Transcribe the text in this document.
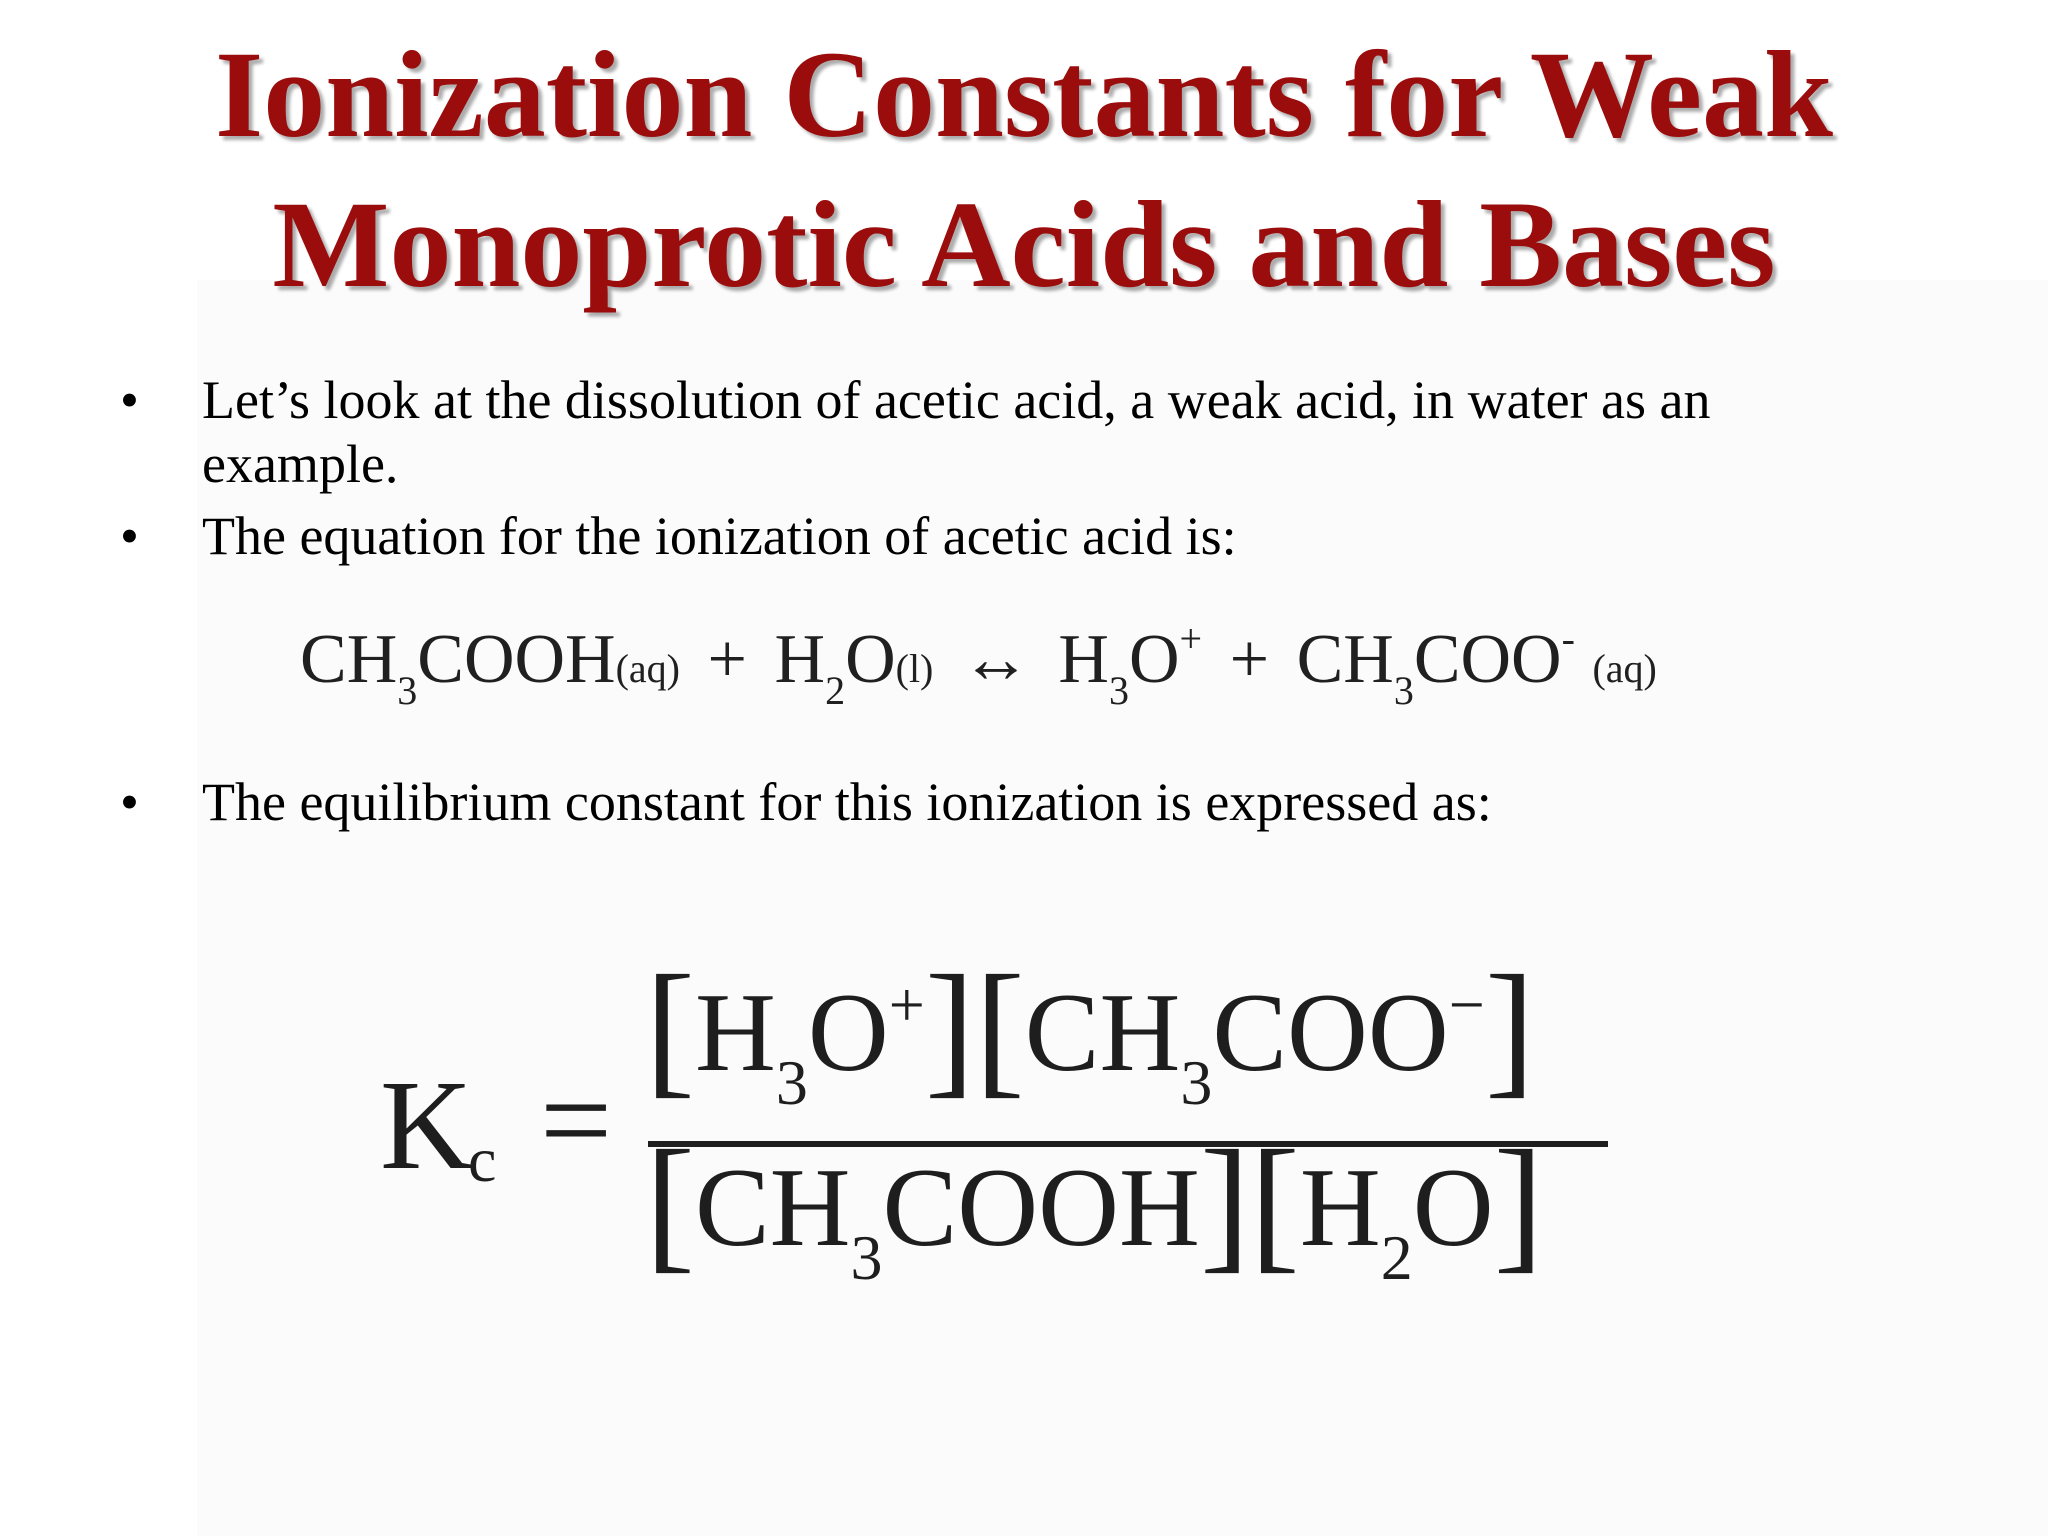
Ionization Constants for Weak
Monoprotic Acids and Bases
• Let’s look at the dissolution of acetic acid, a weak acid, in water as an example.
• The equation for the ionization of acetic acid is:
• The equilibrium constant for this ionization is expressed as:
$CH_3COOH(aq) + H_2O(l)$ ↔ $H_3O^+ + CH_3COO^-$ (aq)
K
c =
$[H_3O^+][CH_3COO^-]$
$[CH_3COOH][H_2O]$
